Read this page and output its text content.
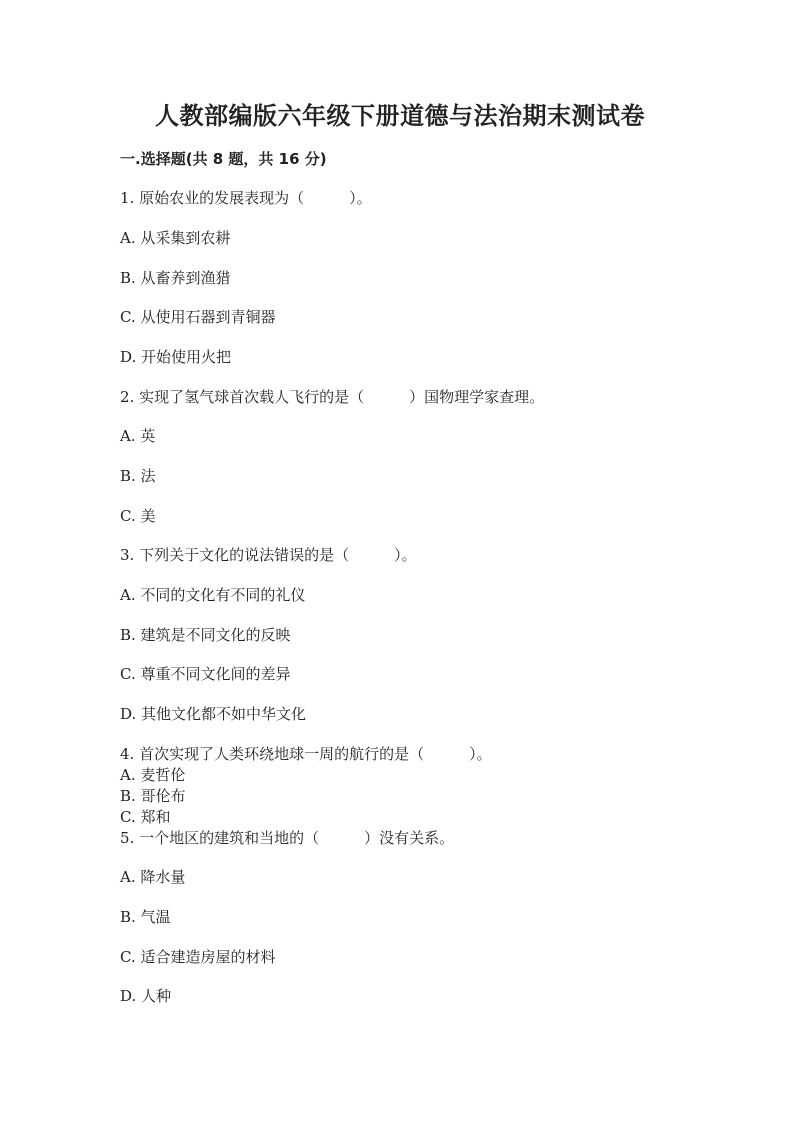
人教部编版六年级下册道德与法治期末测试卷
一.选择题(共 8 题，共 16 分)
1. 原始农业的发展表现为（　　　）。
A. 从采集到农耕
B. 从畜养到渔猎
C. 从使用石器到青铜器
D. 开始使用火把
2. 实现了氢气球首次载人飞行的是（　　　）国物理学家查理。
A. 英
B. 法
C. 美
3. 下列关于文化的说法错误的是（　　　）。
A. 不同的文化有不同的礼仪
B. 建筑是不同文化的反映
C. 尊重不同文化间的差异
D. 其他文化都不如中华文化
4. 首次实现了人类环绕地球一周的航行的是（　　　）。
A. 麦哲伦
B. 哥伦布
C. 郑和
5. 一个地区的建筑和当地的（　　　）没有关系。
A. 降水量
B. 气温
C. 适合建造房屋的材料
D. 人种
